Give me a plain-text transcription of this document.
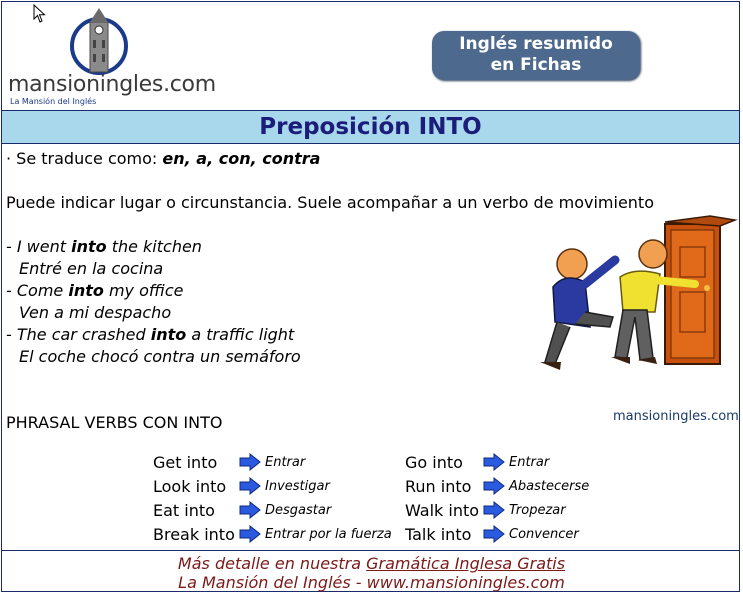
mansioningles.com
La Mansión del Inglés
Inglés resumido
en Fichas
Preposición INTO
· Se traduce como: en, a, con, contra
Puede indicar lugar o circunstancia. Suele acompañar a un verbo de movimiento
- I went into the kitchen
Entré en la cocina
- Come into my office
Ven a mi despacho
- The car crashed into a traffic light
El coche chocó contra un semáforo
mansioningles.com
PHRASAL VERBS CON INTO
Get into
Look into
Eat into
Break into
Entrar
Investigar
Desgastar
Entrar por la fuerza
Go into
Run into
Walk into
Talk into
Entrar
Abastecerse
Tropezar
Convencer
Más detalle en nuestra Gramática Inglesa Gratis
La Mansión del Inglés - www.mansioningles.com
